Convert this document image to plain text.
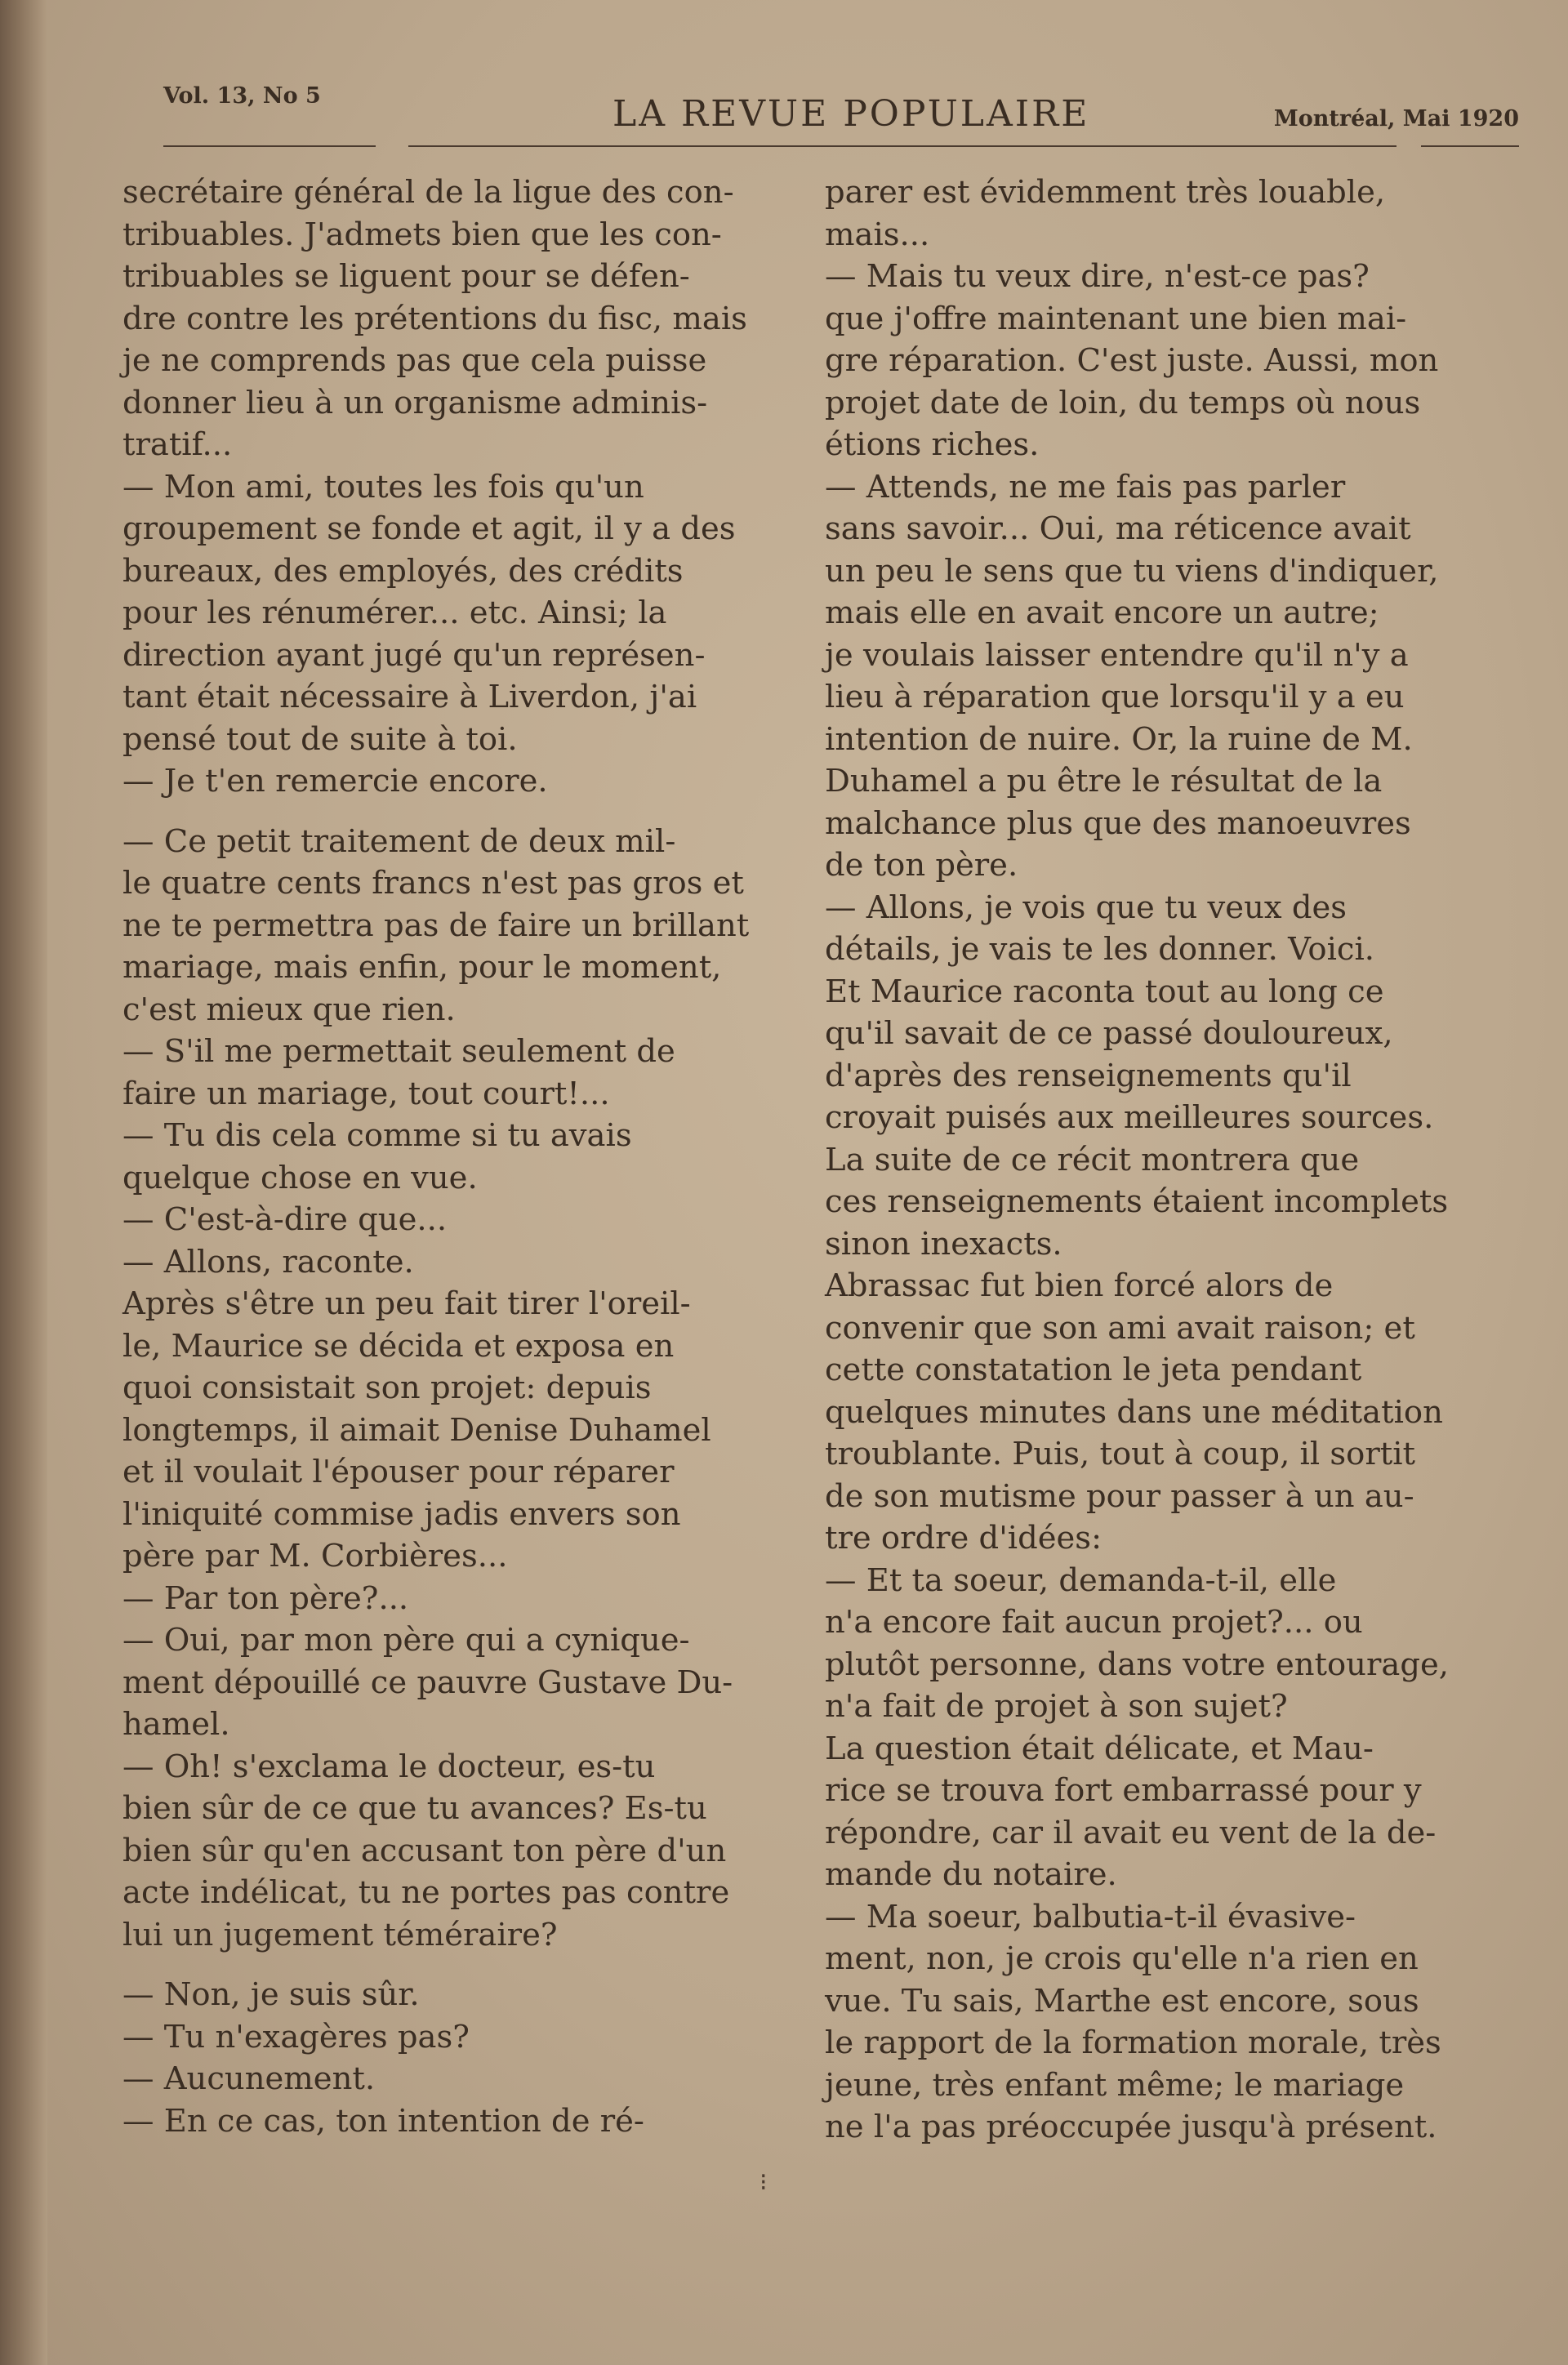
Vol. 13, No 5	LA REVUE POPULAIRE	Montréal, Mai 1920
secrétaire général de la ligue des con-
tribuables. J'admets bien que les con-
tribuables se liguent pour se défen-
dre contre les prétentions du fisc, mais
je ne comprends pas que cela puisse
donner lieu à un organisme adminis-
tratif...
— Mon ami, toutes les fois qu'un
groupement se fonde et agit, il y a des
bureaux, des employés, des crédits
pour les rénumérer... etc. Ainsi; la
direction ayant jugé qu'un représen-
tant était nécessaire à Liverdon, j'ai
pensé tout de suite à toi.
— Je t'en remercie encore.
— Ce petit traitement de deux mil-
le quatre cents francs n'est pas gros et
ne te permettra pas de faire un brillant
mariage, mais enfin, pour le moment,
c'est mieux que rien.
— S'il me permettait seulement de
faire un mariage, tout court!...
— Tu dis cela comme si tu avais
quelque chose en vue.
— C'est-à-dire que...
— Allons, raconte.
Après s'être un peu fait tirer l'oreil-
le, Maurice se décida et exposa en
quoi consistait son projet: depuis
longtemps, il aimait Denise Duhamel
et il voulait l'épouser pour réparer
l'iniquité commise jadis envers son
père par M. Corbières...
— Par ton père?...
— Oui, par mon père qui a cynique-
ment dépouillé ce pauvre Gustave Du-
hamel.
— Oh! s'exclama le docteur, es-tu
bien sûr de ce que tu avances? Es-tu
bien sûr qu'en accusant ton père d'un
acte indélicat, tu ne portes pas contre
lui un jugement téméraire?
— Non, je suis sûr.
— Tu n'exagères pas?
— Aucunement.
— En ce cas, ton intention de ré-
parer est évidemment très louable,
mais...
— Mais tu veux dire, n'est-ce pas?
que j'offre maintenant une bien mai-
gre réparation. C'est juste. Aussi, mon
projet date de loin, du temps où nous
étions riches.
— Attends, ne me fais pas parler
sans savoir... Oui, ma réticence avait
un peu le sens que tu viens d'indiquer,
mais elle en avait encore un autre;
je voulais laisser entendre qu'il n'y a
lieu à réparation que lorsqu'il y a eu
intention de nuire. Or, la ruine de M.
Duhamel a pu être le résultat de la
malchance plus que des manoeuvres
de ton père.
— Allons, je vois que tu veux des
détails, je vais te les donner. Voici.
Et Maurice raconta tout au long ce
qu'il savait de ce passé douloureux,
d'après des renseignements qu'il
croyait puisés aux meilleures sources.
La suite de ce récit montrera que
ces renseignements étaient incomplets
sinon inexacts.
Abrassac fut bien forcé alors de
convenir que son ami avait raison; et
cette constatation le jeta pendant
quelques minutes dans une méditation
troublante. Puis, tout à coup, il sortit
de son mutisme pour passer à un au-
tre ordre d'idées:
— Et ta soeur, demanda-t-il, elle
n'a encore fait aucun projet?... ou
plutôt personne, dans votre entourage,
n'a fait de projet à son sujet?
La question était délicate, et Mau-
rice se trouva fort embarrassé pour y
répondre, car il avait eu vent de la de-
mande du notaire.
— Ma soeur, balbutia-t-il évasive-
ment, non, je crois qu'elle n'a rien en
vue. Tu sais, Marthe est encore, sous
le rapport de la formation morale, très
jeune, très enfant même; le mariage
ne l'a pas préoccupée jusqu'à présent.
⁝
